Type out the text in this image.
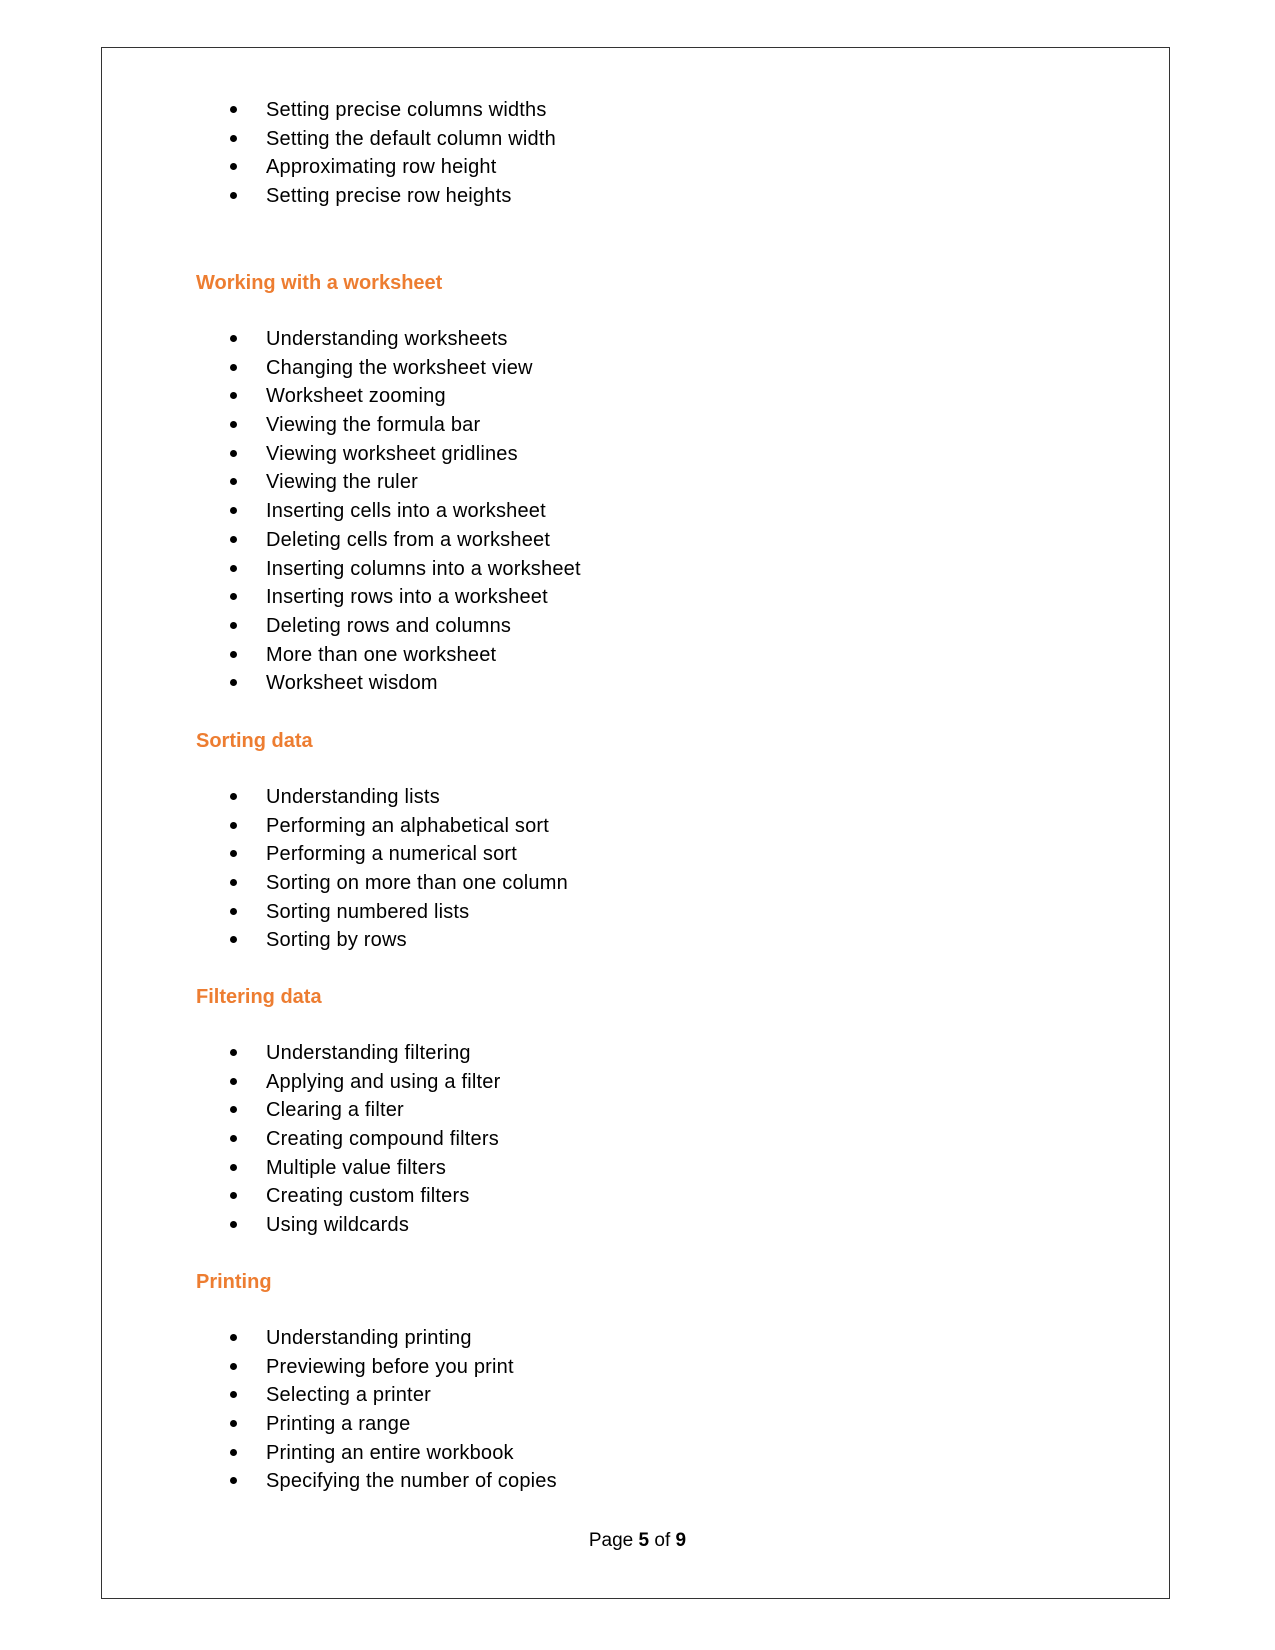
Setting precise columns widths
Setting the default column width
Approximating row height
Setting precise row heights
Working with a worksheet
Understanding worksheets
Changing the worksheet view
Worksheet zooming
Viewing the formula bar
Viewing worksheet gridlines
Viewing the ruler
Inserting cells into a worksheet
Deleting cells from a worksheet
Inserting columns into a worksheet
Inserting rows into a worksheet
Deleting rows and columns
More than one worksheet
Worksheet wisdom
Sorting data
Understanding lists
Performing an alphabetical sort
Performing a numerical sort
Sorting on more than one column
Sorting numbered lists
Sorting by rows
Filtering data
Understanding filtering
Applying and using a filter
Clearing a filter
Creating compound filters
Multiple value filters
Creating custom filters
Using wildcards
Printing
Understanding printing
Previewing before you print
Selecting a printer
Printing a range
Printing an entire workbook
Specifying the number of copies
Page 5 of 9
